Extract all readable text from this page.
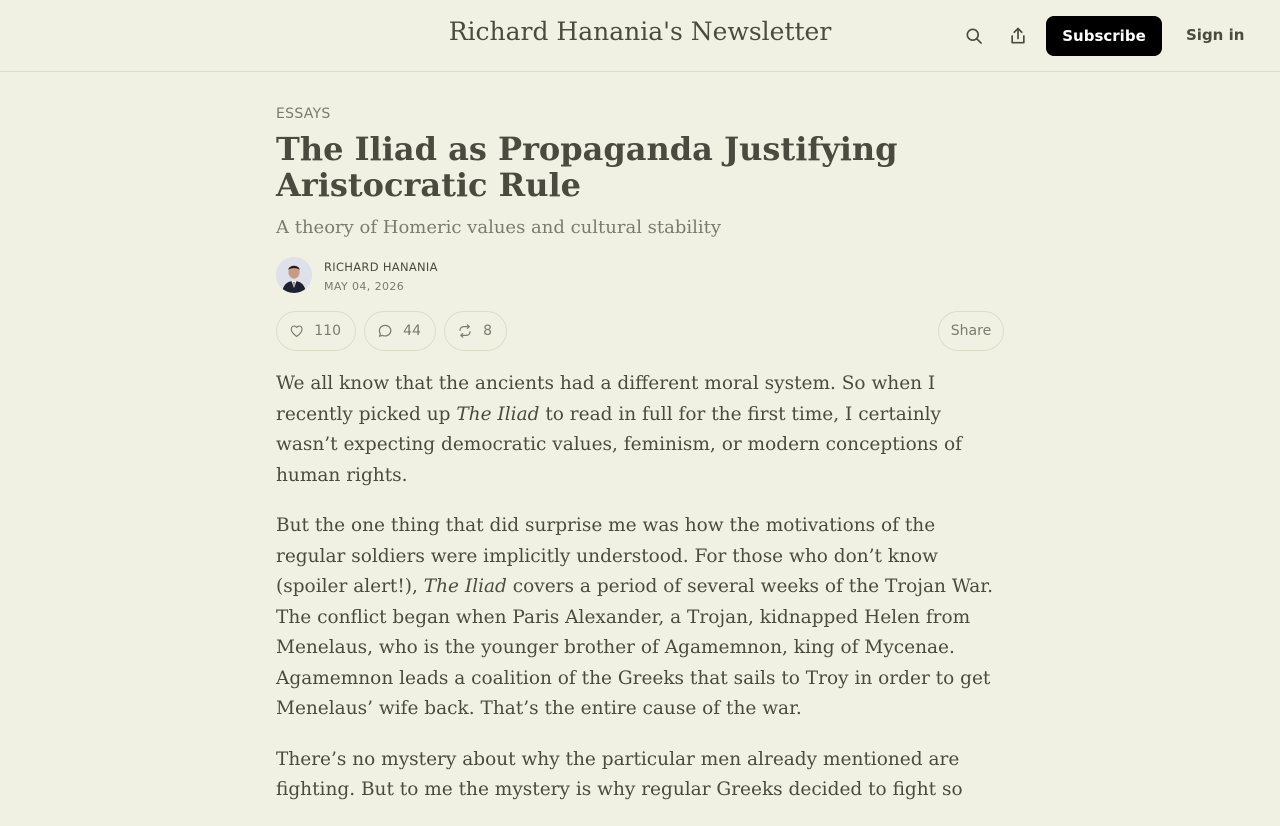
Richard Hanania's Newsletter	Subscribe	Sign in
ESSAYS
The Iliad as Propaganda Justifying Aristocratic Rule
A theory of Homeric values and cultural stability
RICHARD HANANIA
MAY 04, 2026
110	44	8	Share

We all know that the ancients had a different moral system. So when I recently picked up The Iliad to read in full for the first time, I certainly wasn’t expecting democratic values, feminism, or modern conceptions of human rights.

But the one thing that did surprise me was how the motivations of the regular soldiers were implicitly understood. For those who don’t know (spoiler alert!), The Iliad covers a period of several weeks of the Trojan War. The conflict began when Paris Alexander, a Trojan, kidnapped Helen from Menelaus, who is the younger brother of Agamemnon, king of Mycenae. Agamemnon leads a coalition of the Greeks that sails to Troy in order to get Menelaus’ wife back. That’s the entire cause of the war.

There’s no mystery about why the particular men already mentioned are fighting. But to me the mystery is why regular Greeks decided to fight so
